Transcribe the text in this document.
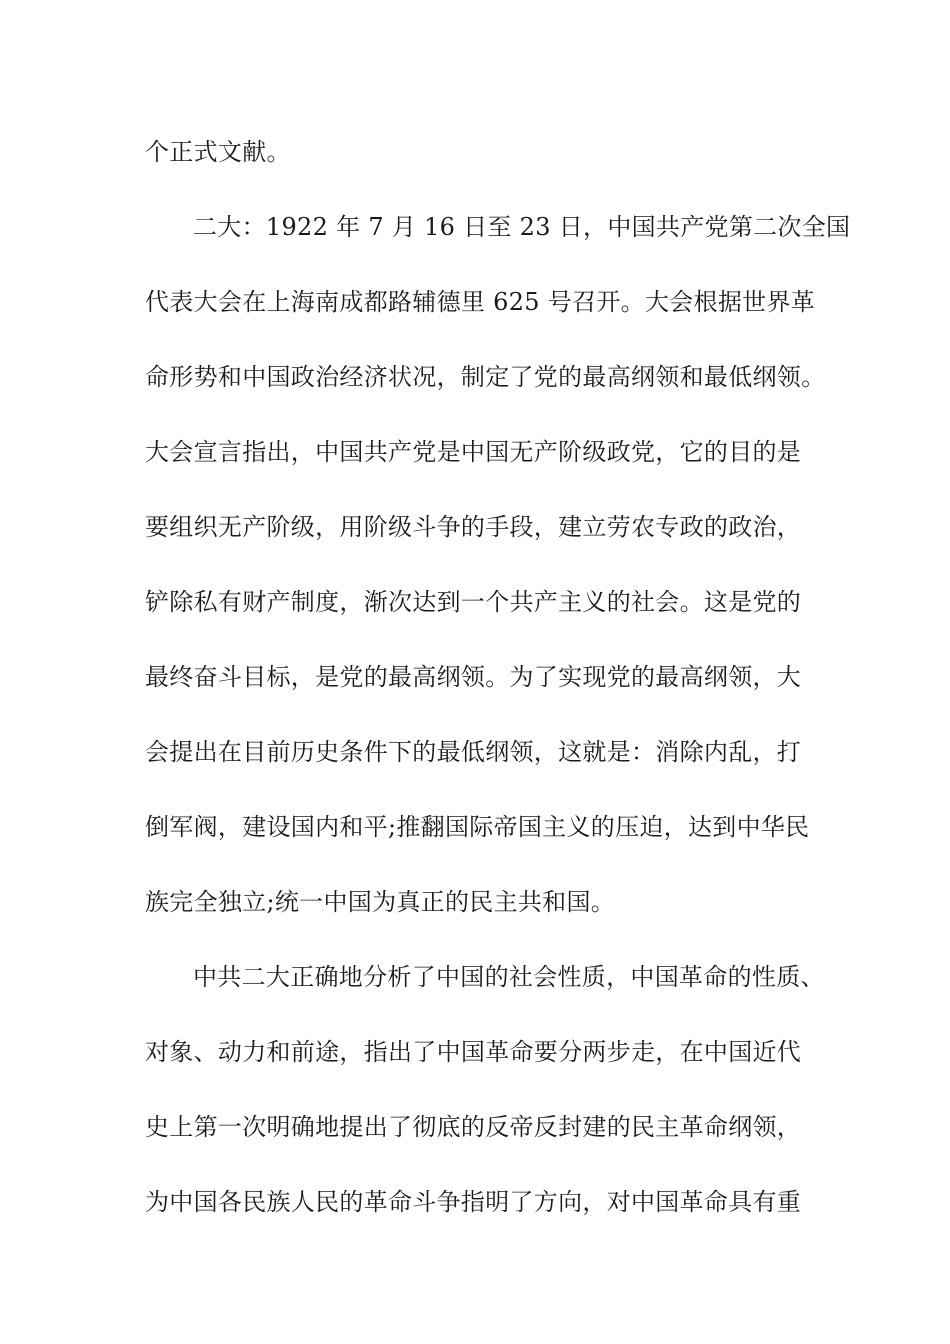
个正式文献。
二大：1922 年 7 月 16 日至 23 日，中国共产党第二次全国
代表大会在上海南成都路辅德里 625 号召开。大会根据世界革
命形势和中国政治经济状况，制定了党的最高纲领和最低纲领。
大会宣言指出，中国共产党是中国无产阶级政党，它的目的是
要组织无产阶级，用阶级斗争的手段，建立劳农专政的政治，
铲除私有财产制度，渐次达到一个共产主义的社会。这是党的
最终奋斗目标，是党的最高纲领。为了实现党的最高纲领，大
会提出在目前历史条件下的最低纲领，这就是：消除内乱，打
倒军阀，建设国内和平;推翻国际帝国主义的压迫，达到中华民
族完全独立;统一中国为真正的民主共和国。
中共二大正确地分析了中国的社会性质，中国革命的性质、
对象、动力和前途，指出了中国革命要分两步走，在中国近代
史上第一次明确地提出了彻底的反帝反封建的民主革命纲领，
为中国各民族人民的革命斗争指明了方向，对中国革命具有重
